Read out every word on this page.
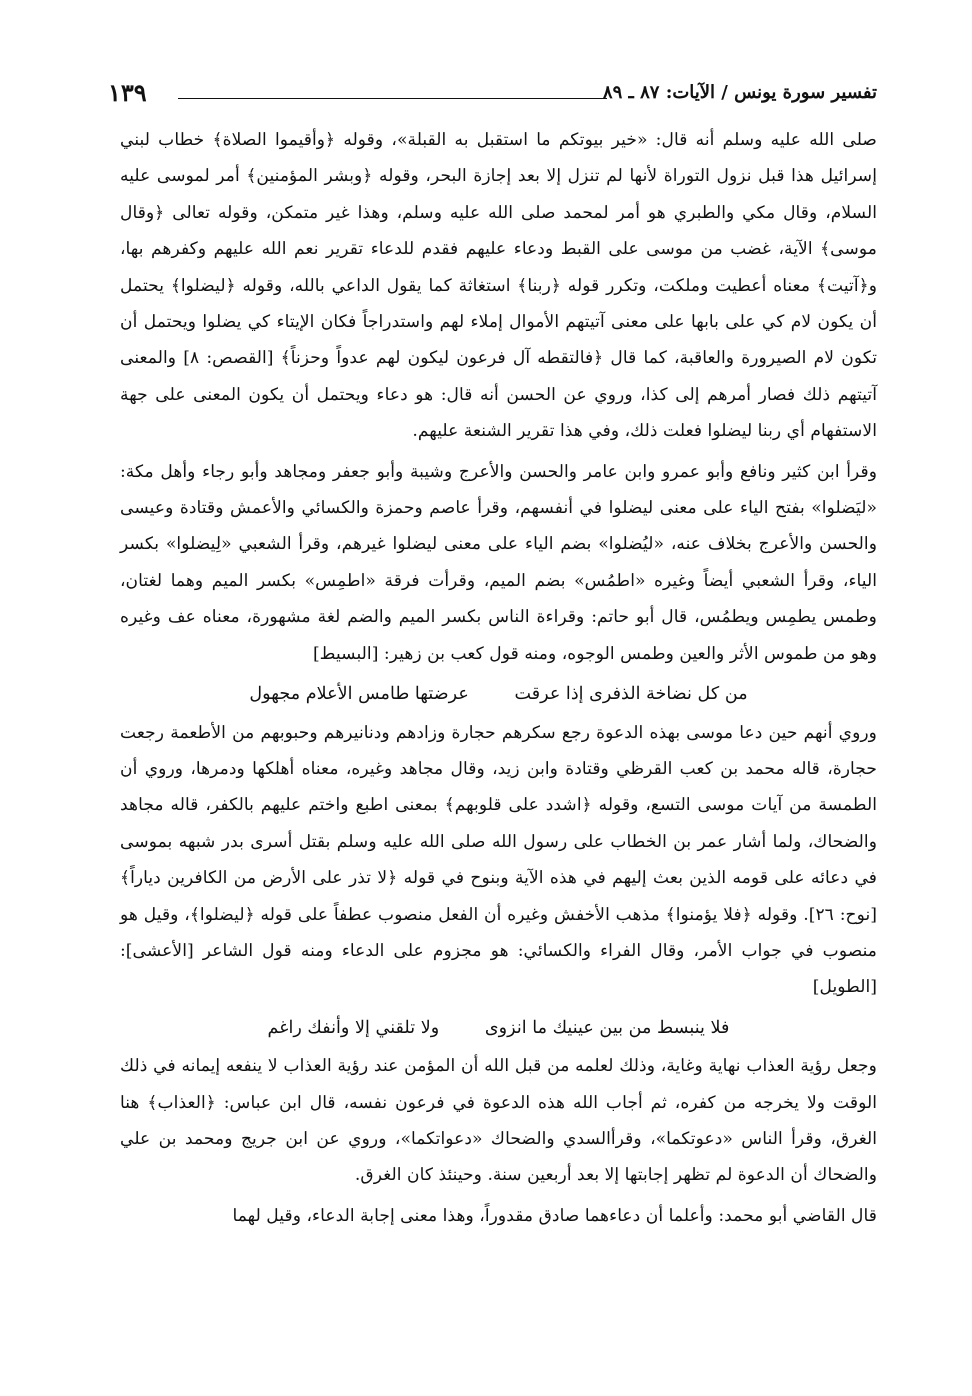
تفسير سورة يونس / الآيات: ٨٧ ـ ٨٩
١٣٩

صلى الله عليه وسلم أنه قال: «خير بيوتكم ما استقبل به القبلة»، وقوله ﴿وأقيموا الصلاة﴾ خطاب لبني إسرائيل هذا قبل نزول التوراة لأنها لم تنزل إلا بعد إجازة البحر، وقوله ﴿وبشر المؤمنين﴾ أمر لموسى عليه السلام، وقال مكي والطبري هو أمر لمحمد صلى الله عليه وسلم، وهذا غير متمكن، وقوله تعالى ﴿وقال موسى﴾ الآية، غضب من موسى على القبط ودعاء عليهم فقدم للدعاء تقرير نعم الله عليهم وكفرهم بها، و﴿آتيت﴾ معناه أعطيت وملكت، وتكرر قوله ﴿ربنا﴾ استغاثة كما يقول الداعي بالله، وقوله ﴿ليضلوا﴾ يحتمل أن يكون لام كي على بابها على معنى آتيتهم الأموال إملاء لهم واستدراجاً فكان الإيتاء كي يضلوا ويحتمل أن تكون لام الصيرورة والعاقبة، كما قال ﴿فالتقطه آل فرعون ليكون لهم عدواً وحزناً﴾ [القصص: ٨] والمعنى آتيتهم ذلك فصار أمرهم إلى كذا، وروي عن الحسن أنه قال: هو دعاء ويحتمل أن يكون المعنى على جهة الاستفهام أي ربنا ليضلوا فعلت ذلك، وفي هذا تقرير الشنعة عليهم.

وقرأ ابن كثير ونافع وأبو عمرو وابن عامر والحسن والأعرج وشيبة وأبو جعفر ومجاهد وأبو رجاء وأهل مكة: «ليَضلوا» بفتح الياء على معنى ليضلوا في أنفسهم، وقرأ عاصم وحمزة والكسائي والأعمش وقتادة وعيسى والحسن والأعرج بخلاف عنه، «ليُضلوا» بضم الياء على معنى ليضلوا غيرهم، وقرأ الشعبي «لِيضلوا» بكسر الياء، وقرأ الشعبي أيضاً وغيره «اطمُس» بضم الميم، وقرأت فرقة «اطمِس» بكسر الميم وهما لغتان، وطمس يطمِس ويطمُس، قال أبو حاتم: وقراءة الناس بكسر الميم والضم لغة مشهورة، معناه عف وغيره وهو من طموس الأثر والعين وطمس الوجوه، ومنه قول كعب بن زهير: [البسيط]

من كل نضاخة الذفرى إذا عرقت عرضتها طامس الأعلام مجهول

وروي أنهم حين دعا موسى بهذه الدعوة رجع سكرهم حجارة وزادهم ودنانيرهم وحبوبهم من الأطعمة رجعت حجارة، قاله محمد بن كعب القرظي وقتادة وابن زيد، وقال مجاهد وغيره، معناه أهلكها ودمرها، وروي أن الطمسة من آيات موسى التسع، وقوله ﴿اشدد على قلوبهم﴾ بمعنى اطبع واختم عليهم بالكفر، قاله مجاهد والضحاك، ولما أشار عمر بن الخطاب على رسول الله صلى الله عليه وسلم بقتل أسرى بدر شبهه بموسى في دعائه على قومه الذين بعث إليهم في هذه الآية وبنوح في قوله ﴿لا تذر على الأرض من الكافرين دياراً﴾ [نوح: ٢٦]. وقوله ﴿فلا يؤمنوا﴾ مذهب الأخفش وغيره أن الفعل منصوب عطفاً على قوله ﴿ليضلوا﴾، وقيل هو منصوب في جواب الأمر، وقال الفراء والكسائي: هو مجزوم على الدعاء ومنه قول الشاعر [الأعشى]: [الطويل]

فلا ينبسط من بين عينيك ما انزوى ولا تلقني إلا وأنفك راغم

وجعل رؤية العذاب نهاية وغاية، وذلك لعلمه من قبل الله أن المؤمن عند رؤية العذاب لا ينفعه إيمانه في ذلك الوقت ولا يخرجه من كفره، ثم أجاب الله هذه الدعوة في فرعون نفسه، قال ابن عباس: ﴿العذاب﴾ هنا الغرق، وقرأ الناس «دعوتكما»، وقرأالسدي والضحاك «دعواتكما»، وروي عن ابن جريج ومحمد بن علي والضحاك أن الدعوة لم تظهر إجابتها إلا بعد أربعين سنة. وحينئذ كان الغرق.

قال القاضي أبو محمد: وأعلما أن دعاءهما صادق مقدوراً، وهذا معنى إجابة الدعاء، وقيل لهما
